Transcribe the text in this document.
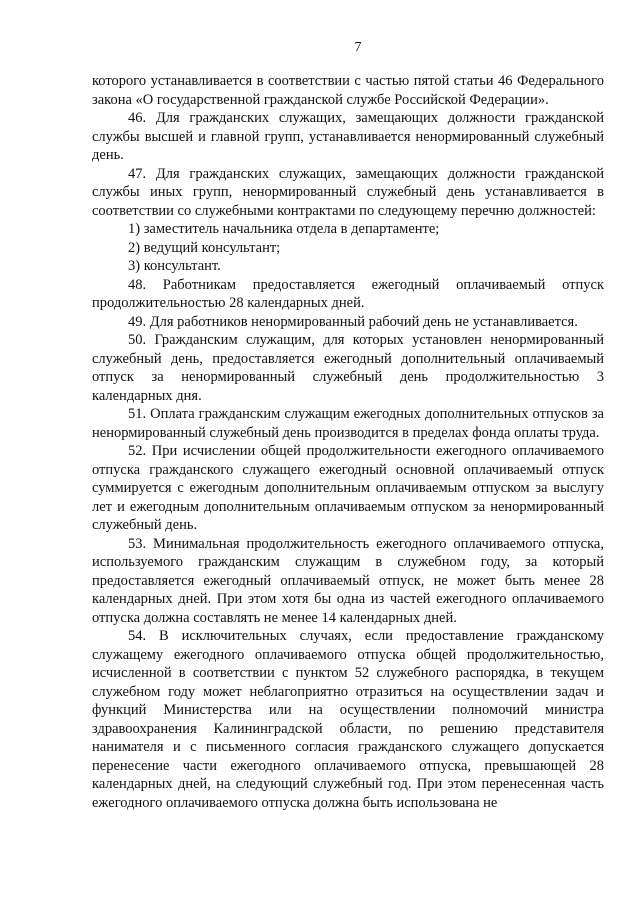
7

которого устанавливается в соответствии с частью пятой статьи 46 Федерального закона «О государственной гражданской службе Российской Федерации».

46. Для гражданских служащих, замещающих должности гражданской службы высшей и главной групп, устанавливается ненормированный служебный день.

47. Для гражданских служащих, замещающих должности гражданской службы иных групп, ненормированный служебный день устанавливается в соответствии со служебными контрактами по следующему перечню должностей:

1) заместитель начальника отдела в департаменте;

2) ведущий консультант;

3) консультант.

48. Работникам предоставляется ежегодный оплачиваемый отпуск продолжительностью 28 календарных дней.

49. Для работников ненормированный рабочий день не устанавливается.

50. Гражданским служащим, для которых установлен ненормированный служебный день, предоставляется ежегодный дополнительный оплачиваемый отпуск за ненормированный служебный день продолжительностью 3 календарных дня.

51. Оплата гражданским служащим ежегодных дополнительных отпусков за ненормированный служебный день производится в пределах фонда оплаты труда.

52. При исчислении общей продолжительности ежегодного оплачиваемого отпуска гражданского служащего ежегодный основной оплачиваемый отпуск суммируется с ежегодным дополнительным оплачиваемым отпуском за выслугу лет и ежегодным дополнительным оплачиваемым отпуском за ненормированный служебный день.

53. Минимальная продолжительность ежегодного оплачиваемого отпуска, используемого гражданским служащим в служебном году, за который предоставляется ежегодный оплачиваемый отпуск, не может быть менее 28 календарных дней. При этом хотя бы одна из частей ежегодного оплачиваемого отпуска должна составлять не менее 14 календарных дней.

54. В исключительных случаях, если предоставление гражданскому служащему ежегодного оплачиваемого отпуска общей продолжительностью, исчисленной в соответствии с пунктом 52 служебного распорядка, в текущем служебном году может неблагоприятно отразиться на осуществлении задач и функций Министерства или на осуществлении полномочий министра здравоохранения Калининградской области, по решению представителя нанимателя и с письменного согласия гражданского служащего допускается перенесение части ежегодного оплачиваемого отпуска, превышающей 28 календарных дней, на следующий служебный год. При этом перенесенная часть ежегодного оплачиваемого отпуска должна быть использована не
